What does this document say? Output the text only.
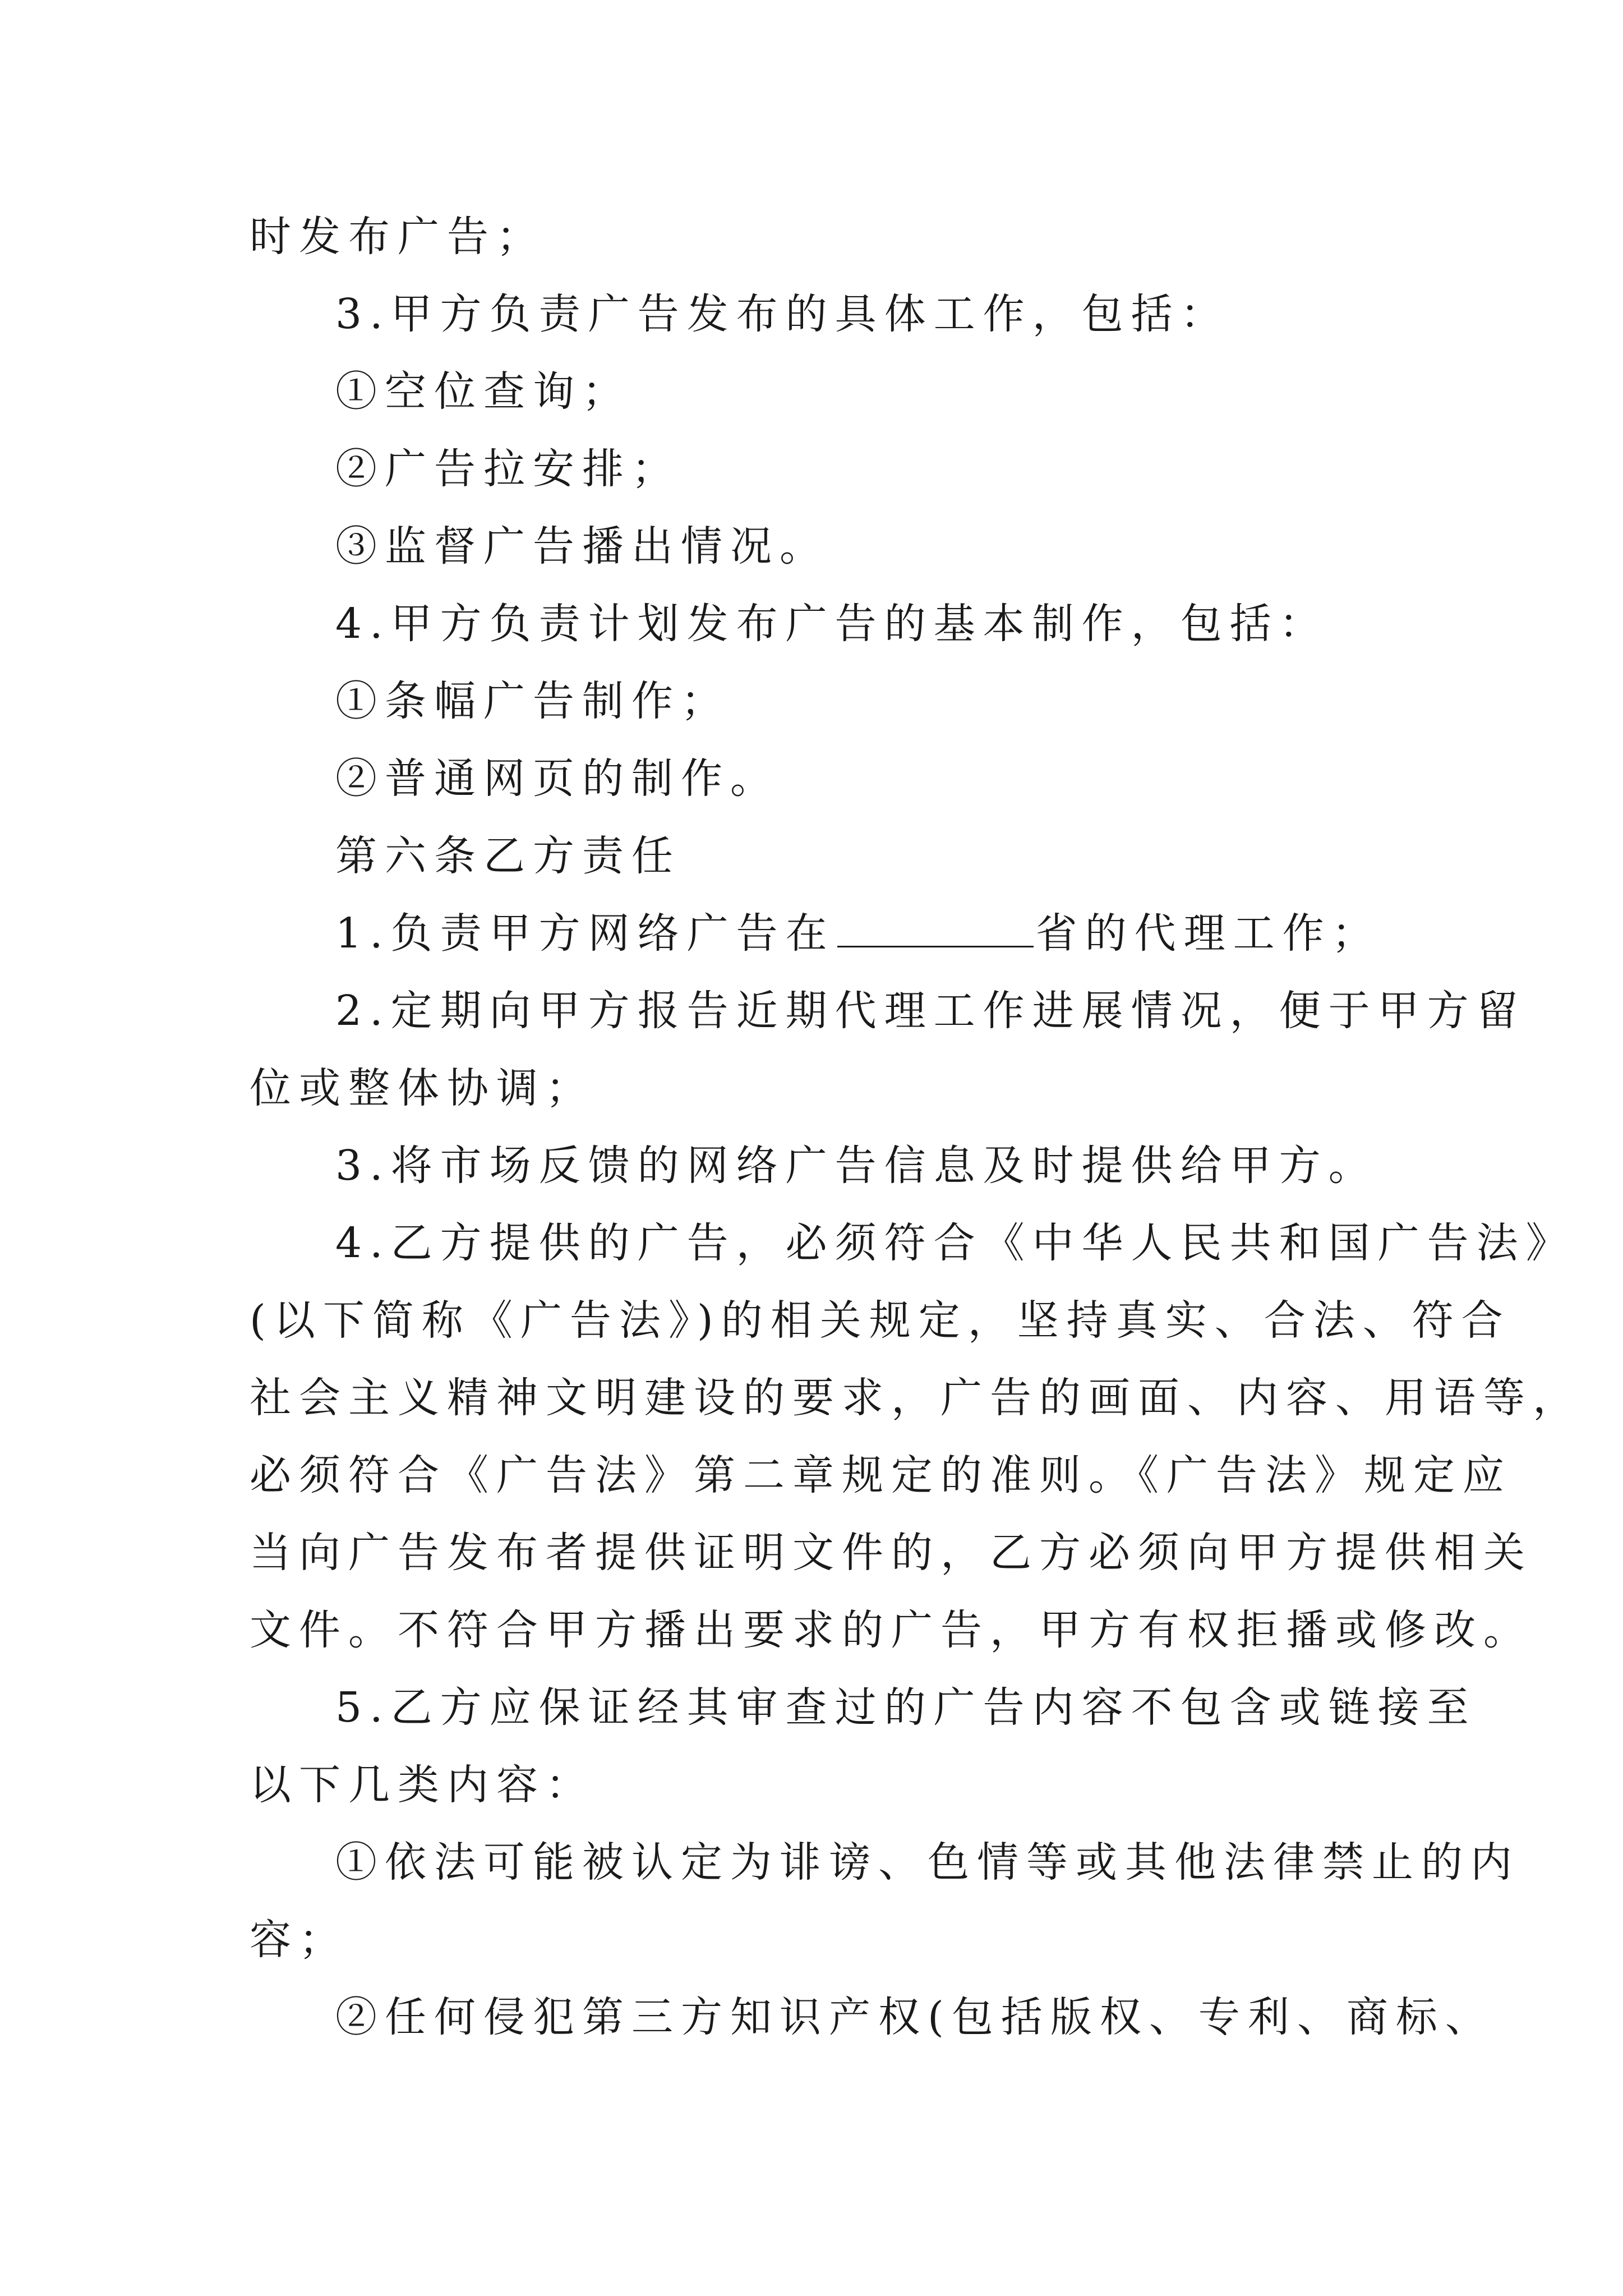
时发布广告；
3.甲方负责广告发布的具体工作，包括：
①空位查询；
②广告拉安排；
③监督广告播出情况。
4.甲方负责计划发布广告的基本制作，包括：
①条幅广告制作；
②普通网页的制作。
第六条乙方责任
1.负责甲方网络广告在	省的代理工作；
2.定期向甲方报告近期代理工作进展情况，便于甲方留
位或整体协调；
3.将市场反馈的网络广告信息及时提供给甲方。
4.乙方提供的广告，必须符合《中华人民共和国广告法》
(以下简称《广告法》)的相关规定，坚持真实、合法、符合
社会主义精神文明建设的要求，广告的画面、内容、用语等，
必须符合《广告法》第二章规定的准则。《广告法》规定应
当向广告发布者提供证明文件的，乙方必须向甲方提供相关
文件。不符合甲方播出要求的广告，甲方有权拒播或修改。
5.乙方应保证经其审查过的广告内容不包含或链接至
以下几类内容：
①依法可能被认定为诽谤、色情等或其他法律禁止的内
容；
②任何侵犯第三方知识产权(包括版权、专利、商标、
